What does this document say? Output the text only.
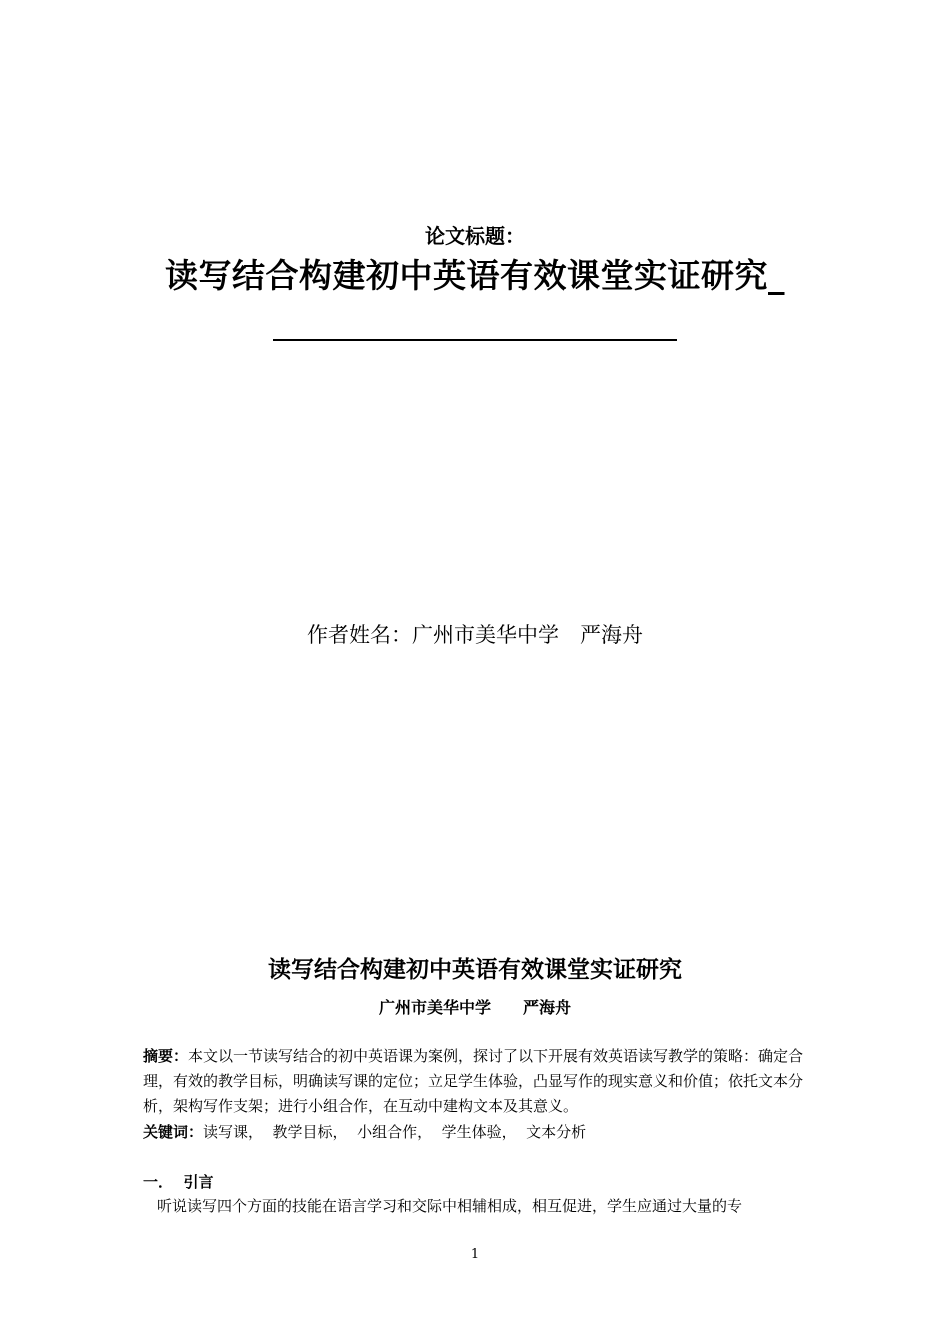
论文标题：
读写结合构建初中英语有效课堂实证研究_
作者姓名：广州市美华中学　严海舟
读写结合构建初中英语有效课堂实证研究
广州市美华中学　　严海舟
摘要：本文以一节读写结合的初中英语课为案例，探讨了以下开展有效英语读写教学的策略：确定合理，有效的教学目标，明确读写课的定位；立足学生体验，凸显写作的现实意义和价值；依托文本分析，架构写作支架；进行小组合作，在互动中建构文本及其意义。
关键词：读写课，  教学目标，  小组合作，  学生体验，  文本分析
一．  引言
听说读写四个方面的技能在语言学习和交际中相辅相成，相互促进，学生应通过大量的专
1
